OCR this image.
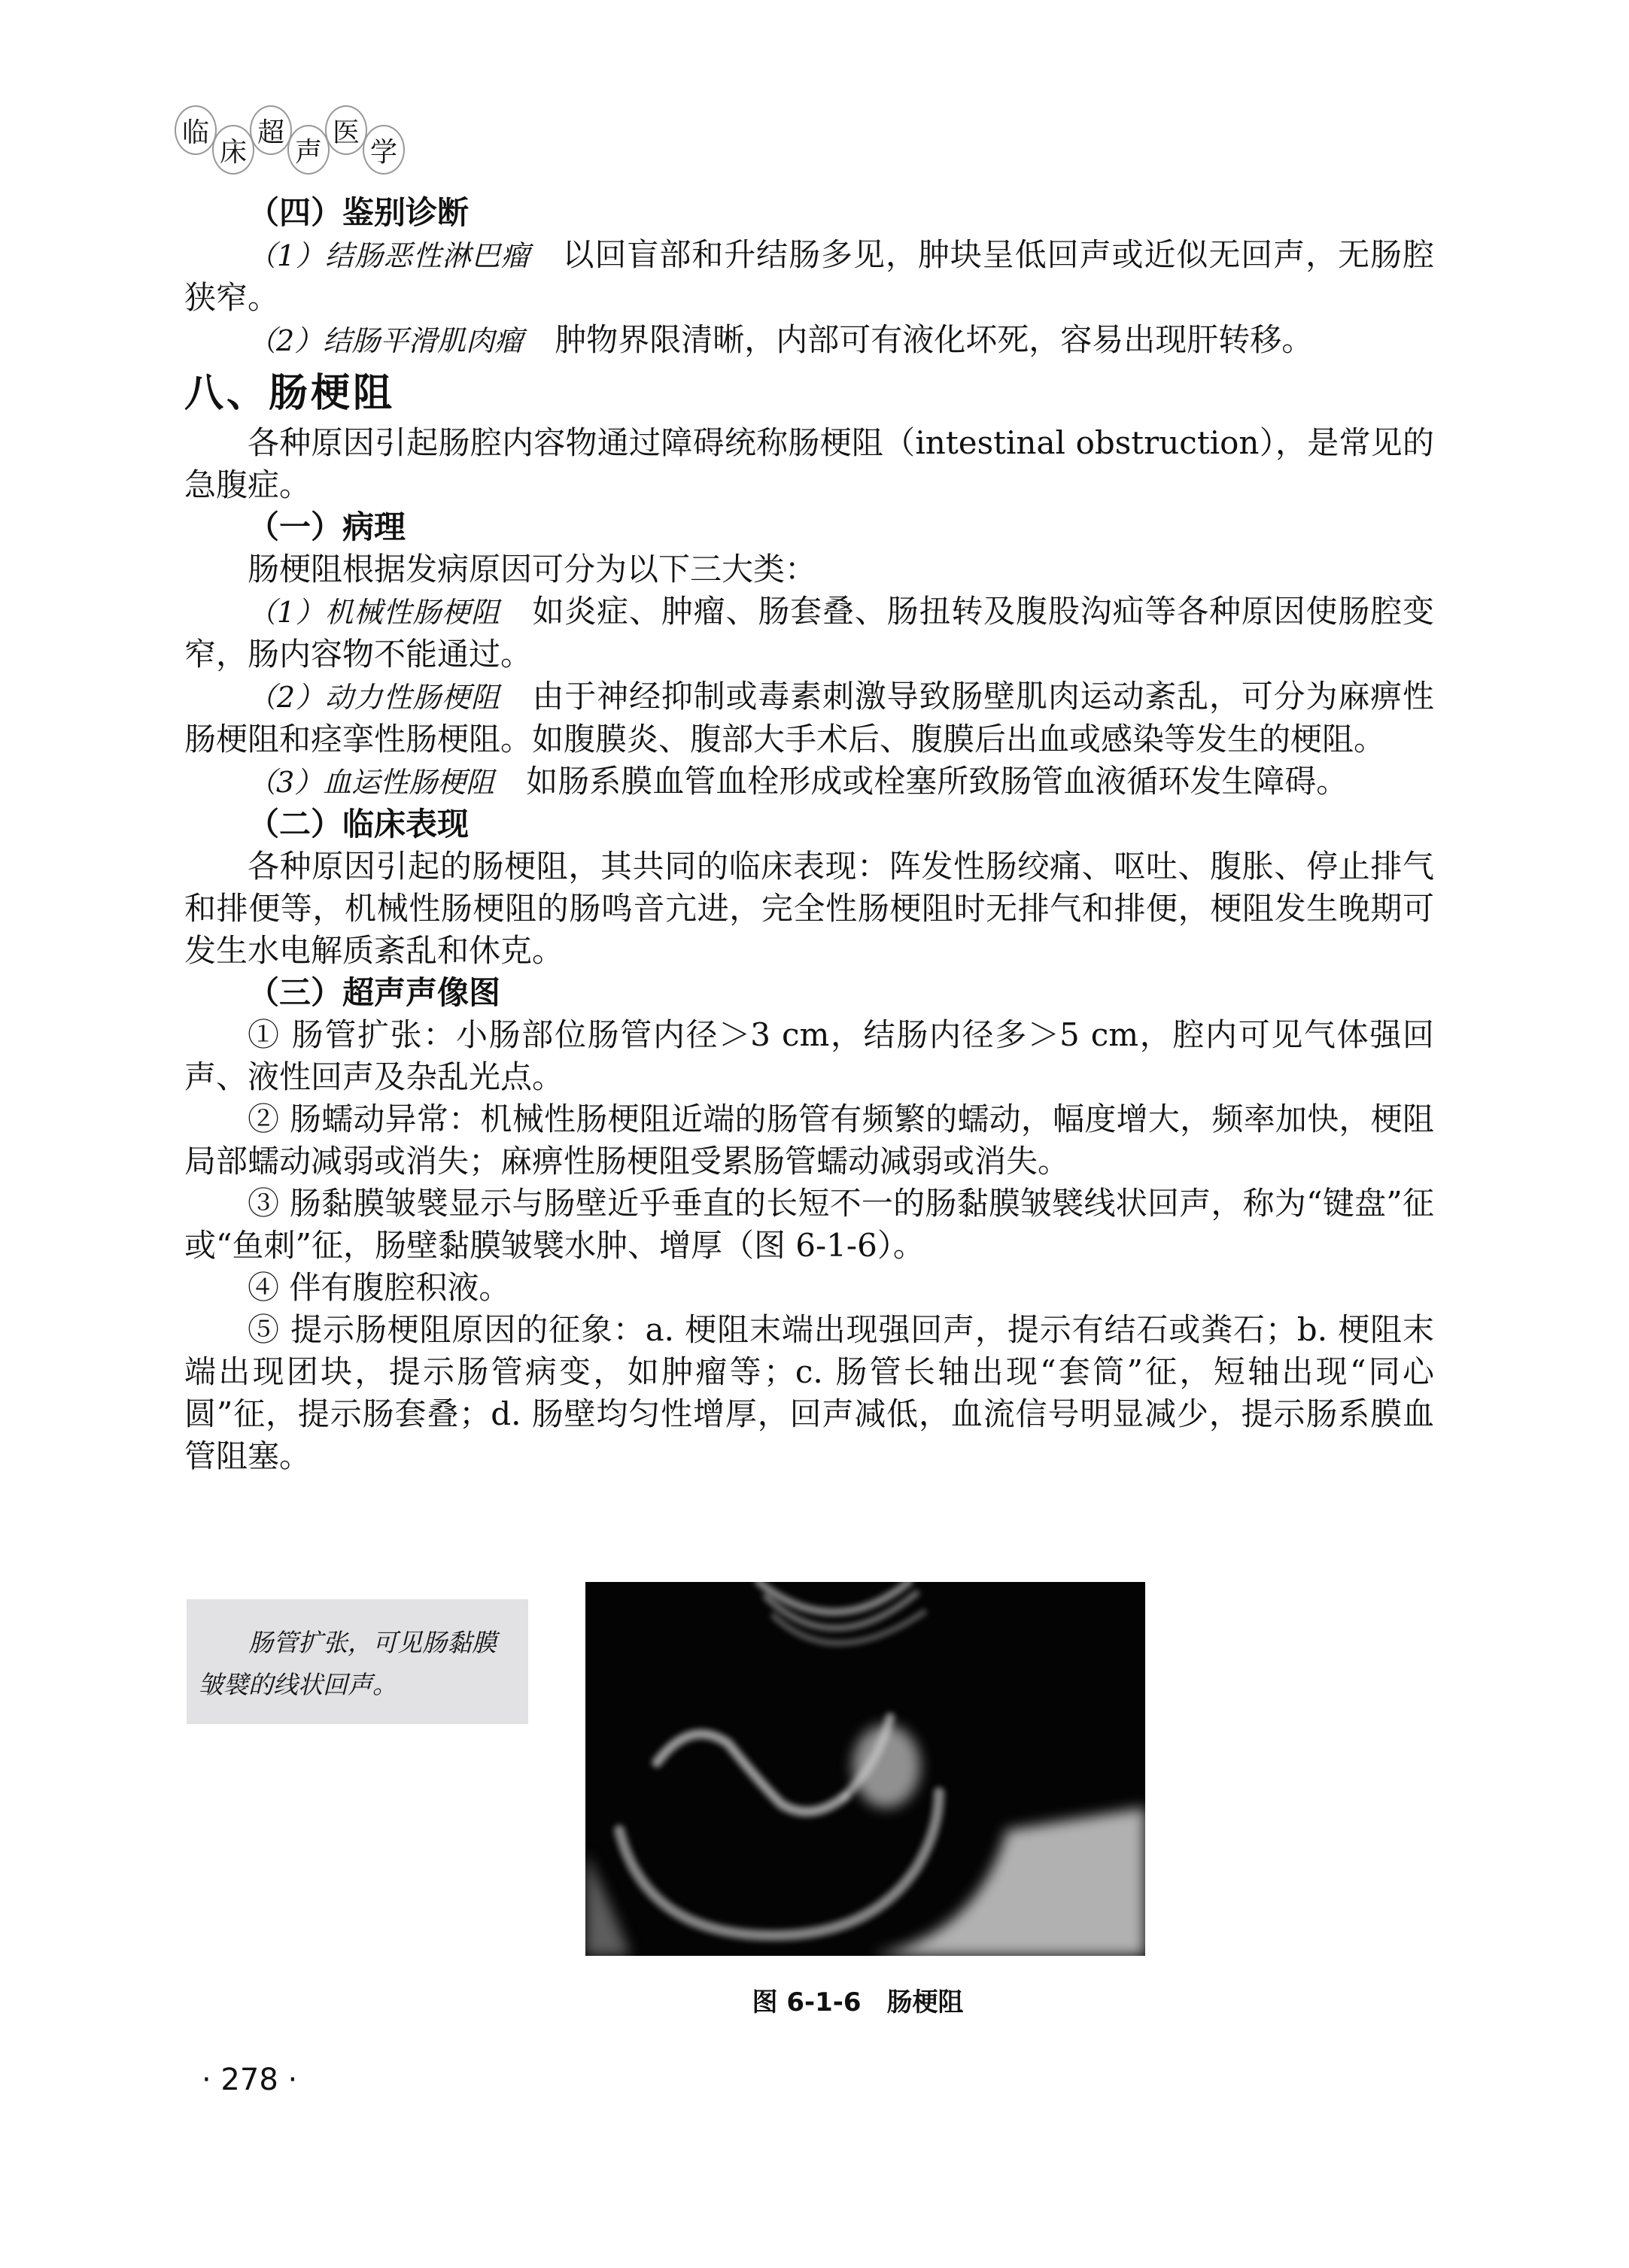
临
床
超
声
医
学

（四）鉴别诊断

（1）结肠恶性淋巴瘤　以回盲部和升结肠多见，肿块呈低回声或近似无回声，无肠腔狭窄。

（2）结肠平滑肌肉瘤　肿物界限清晰，内部可有液化坏死，容易出现肝转移。

八、肠梗阻

各种原因引起肠腔内容物通过障碍统称肠梗阻（intestinal obstruction），是常见的急腹症。

（一）病理

肠梗阻根据发病原因可分为以下三大类：

（1）机械性肠梗阻　如炎症、肿瘤、肠套叠、肠扭转及腹股沟疝等各种原因使肠腔变窄，肠内容物不能通过。

（2）动力性肠梗阻　由于神经抑制或毒素刺激导致肠壁肌肉运动紊乱，可分为麻痹性肠梗阻和痉挛性肠梗阻。如腹膜炎、腹部大手术后、腹膜后出血或感染等发生的梗阻。

（3）血运性肠梗阻　如肠系膜血管血栓形成或栓塞所致肠管血液循环发生障碍。

（二）临床表现

各种原因引起的肠梗阻，其共同的临床表现：阵发性肠绞痛、呕吐、腹胀、停止排气和排便等，机械性肠梗阻的肠鸣音亢进，完全性肠梗阻时无排气和排便，梗阻发生晚期可发生水电解质紊乱和休克。

（三）超声声像图

① 肠管扩张：小肠部位肠管内径＞3 cm，结肠内径多＞5 cm，腔内可见气体强回声、液性回声及杂乱光点。

② 肠蠕动异常：机械性肠梗阻近端的肠管有频繁的蠕动，幅度增大，频率加快，梗阻局部蠕动减弱或消失；麻痹性肠梗阻受累肠管蠕动减弱或消失。

③ 肠黏膜皱襞显示与肠壁近乎垂直的长短不一的肠黏膜皱襞线状回声，称为“键盘”征或“鱼刺”征，肠壁黏膜皱襞水肿、增厚（图 6-1-6）。

④ 伴有腹腔积液。

⑤ 提示肠梗阻原因的征象：a. 梗阻末端出现强回声，提示有结石或粪石；b. 梗阻末端出现团块，提示肠管病变，如肿瘤等；c. 肠管长轴出现“套筒”征，短轴出现“同心圆”征，提示肠套叠；d. 肠壁均匀性增厚，回声减低，血流信号明显减少，提示肠系膜血管阻塞。

肠管扩张，可见肠黏膜皱襞的线状回声。
图 6-1-6　肠梗阻
· 278 ·
